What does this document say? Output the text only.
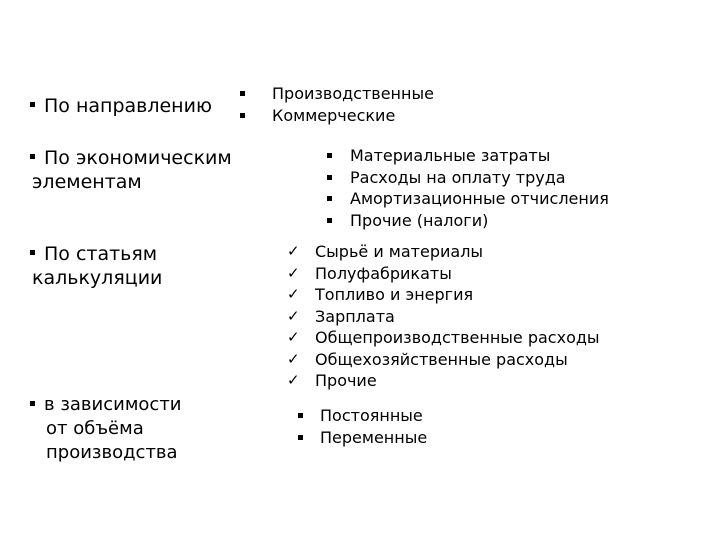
По направлению
Производственные
Коммерческие
По экономическим
элементам
Материальные затраты
Расходы на оплату труда
Амортизационные отчисления
Прочие (налоги)
По статьям
калькуляции
✓
✓
✓
✓
✓
✓
✓
Сырьё и материалы
Полуфабрикаты
Топливо и энергия
Зарплата
Общепроизводственные расходы
Общехозяйственные расходы
Прочие
в зависимости
от объёма
производства
Постоянные
Переменные
